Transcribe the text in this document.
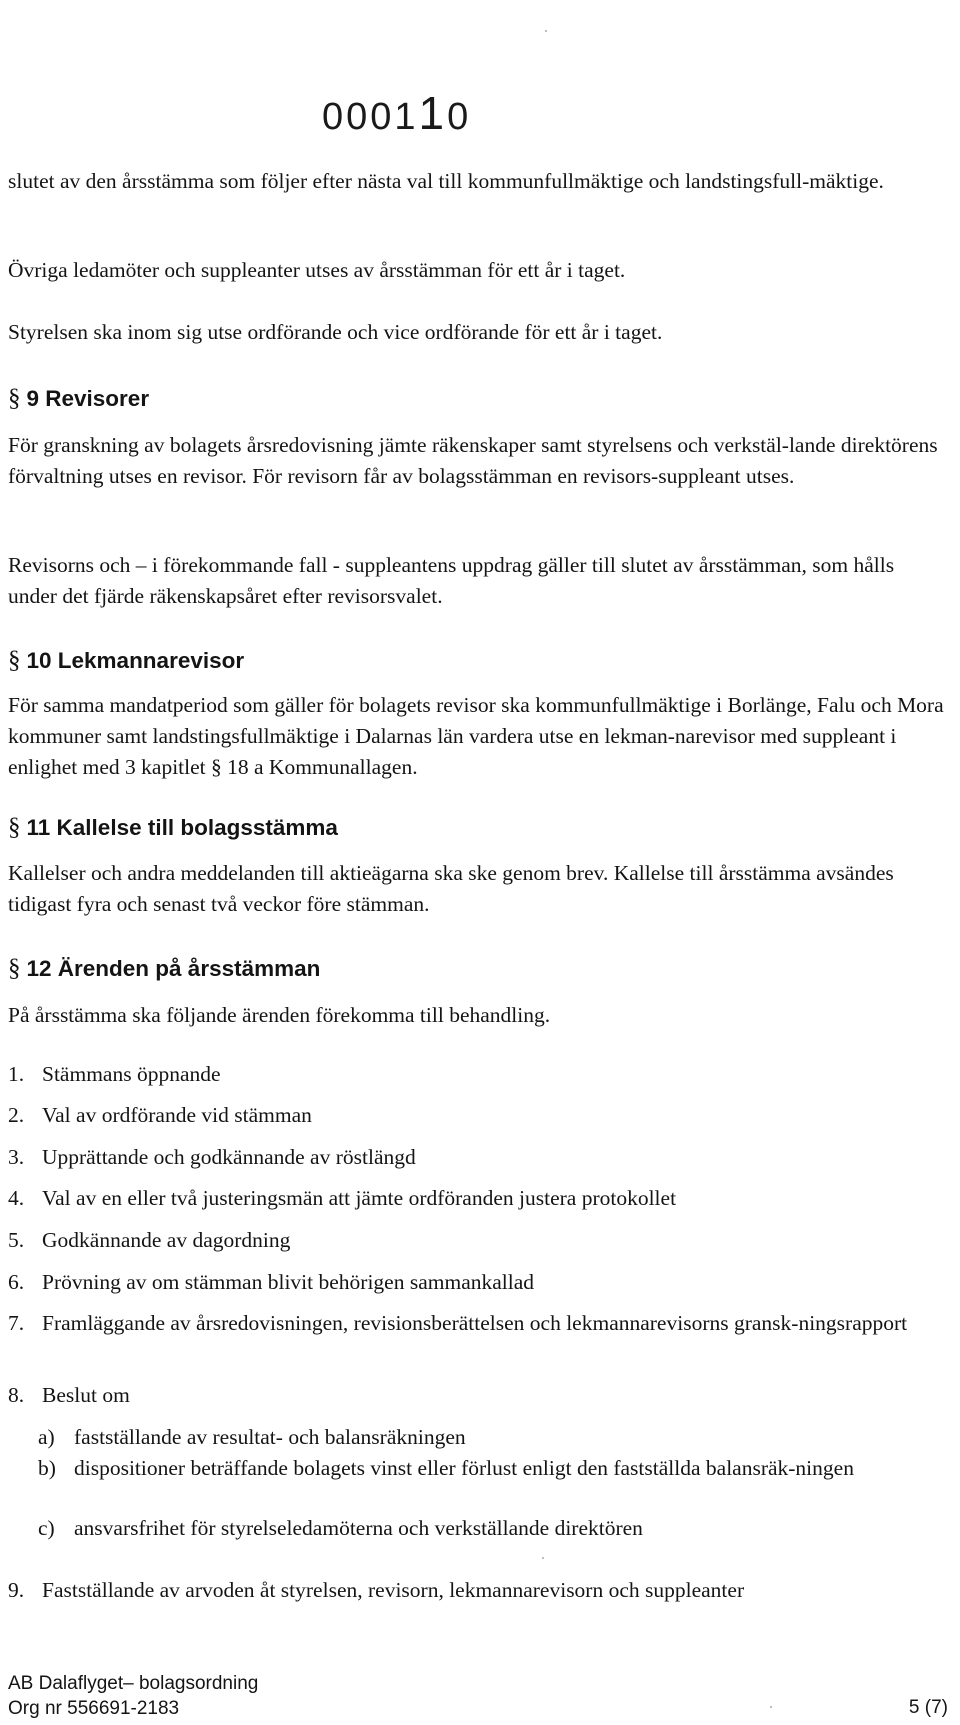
000110

slutet av den årsstämma som följer efter nästa val till kommunfullmäktige och landstingsfull-mäktige.

Övriga ledamöter och suppleanter utses av årsstämman för ett år i taget.

Styrelsen ska inom sig utse ordförande och vice ordförande för ett år i taget.

§ 9 Revisorer

För granskning av bolagets årsredovisning jämte räkenskaper samt styrelsens och verkstäl-lande direktörens förvaltning utses en revisor. För revisorn får av bolagsstämman en revisors-suppleant utses.

Revisorns och – i förekommande fall - suppleantens uppdrag gäller till slutet av årsstämman, som hålls under det fjärde räkenskapsåret efter revisorsvalet.

§ 10 Lekmannarevisor

För samma mandatperiod som gäller för bolagets revisor ska kommunfullmäktige i Borlänge, Falu och Mora kommuner samt landstingsfullmäktige i Dalarnas län vardera utse en lekman-narevisor med suppleant i enlighet med 3 kapitlet § 18 a Kommunallagen.

§ 11 Kallelse till bolagsstämma

Kallelser och andra meddelanden till aktieägarna ska ske genom brev. Kallelse till årsstämma avsändes tidigast fyra och senast två veckor före stämman.

§ 12 Ärenden på årsstämman

På årsstämma ska följande ärenden förekomma till behandling.

1. Stämmans öppnande
2. Val av ordförande vid stämman
3. Upprättande och godkännande av röstlängd
4. Val av en eller två justeringsmän att jämte ordföranden justera protokollet
5. Godkännande av dagordning
6. Prövning av om stämman blivit behörigen sammankallad
7. Framläggande av årsredovisningen, revisionsberättelsen och lekmannarevisorns gransk-ningsrapport
8. Beslut om
a) fastställande av resultat- och balansräkningen
b) dispositioner beträffande bolagets vinst eller förlust enligt den fastställda balansräk-ningen
c) ansvarsfrihet för styrelseledamöterna och verkställande direktören
9. Fastställande av arvoden åt styrelsen, revisorn, lekmannarevisorn och suppleanter
AB Dalaflyget– bolagsordning
Org nr 556691-2183	5 (7)
